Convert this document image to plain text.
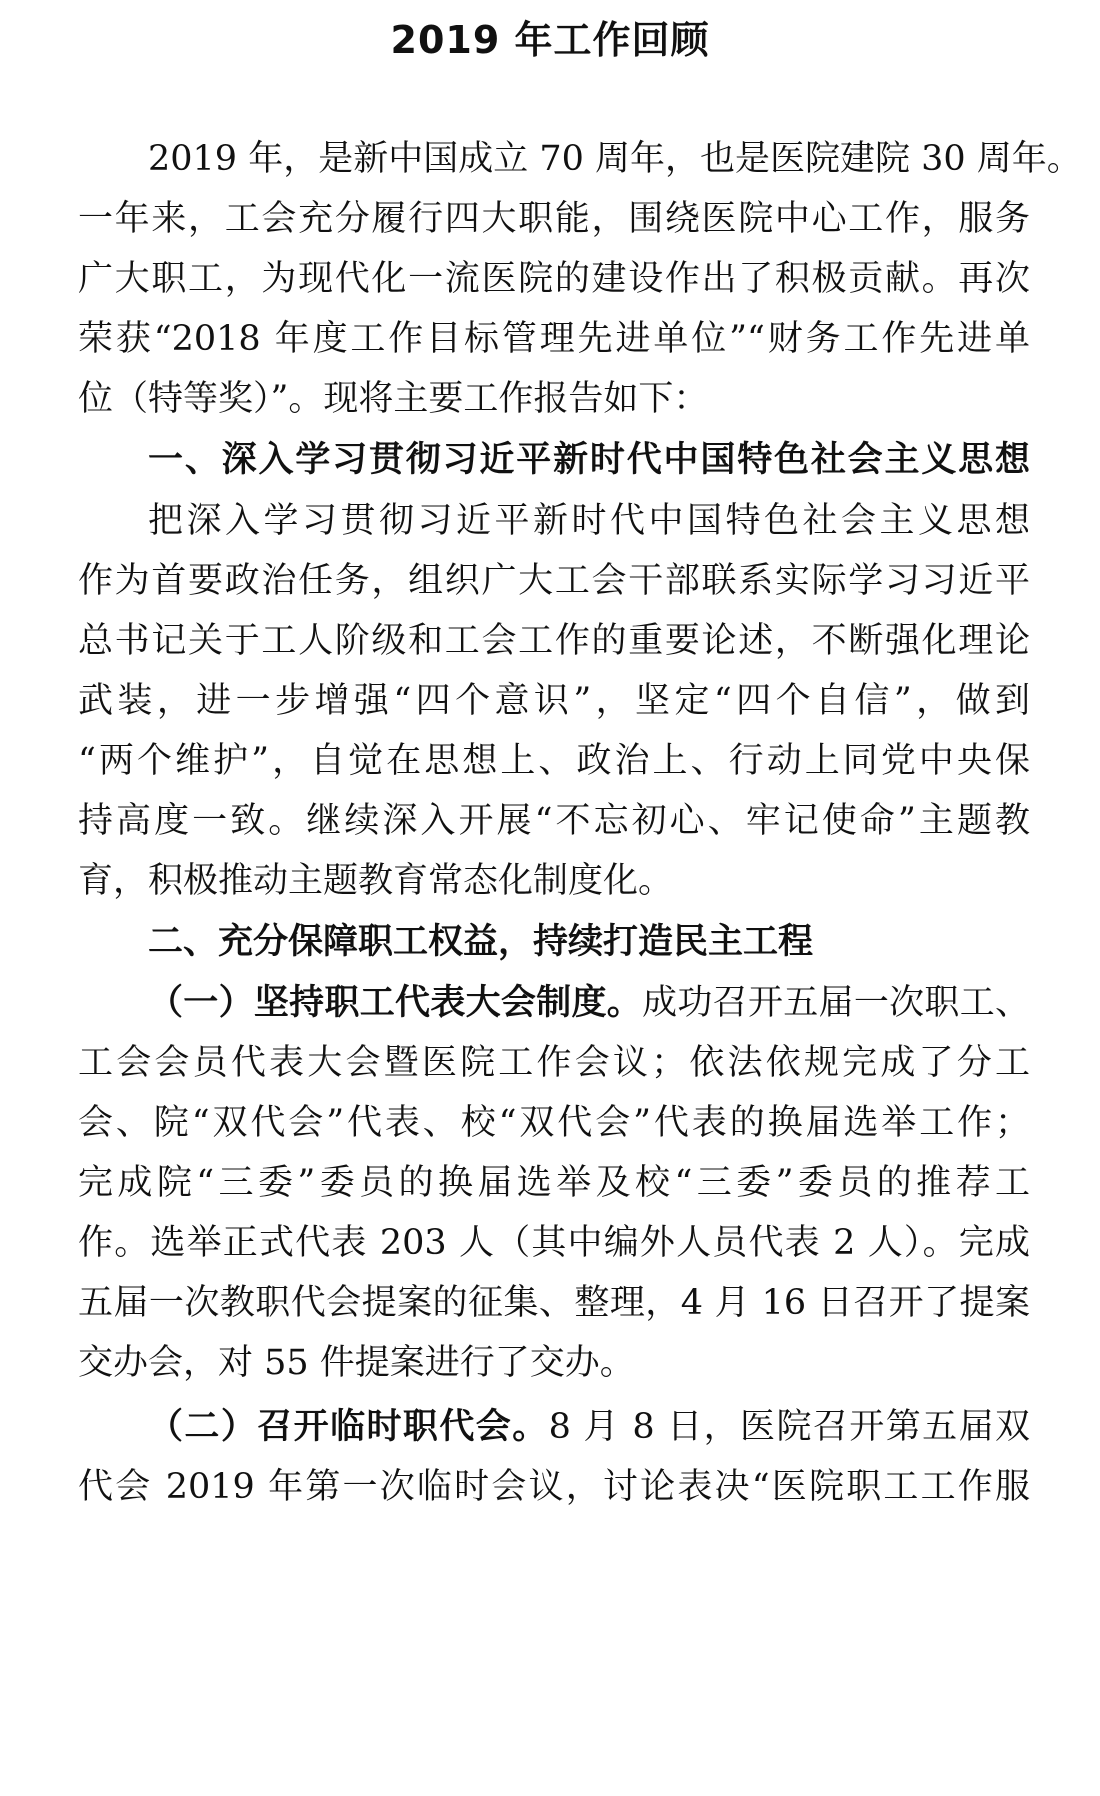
2019 年工作回顾
2019 年，是新中国成立 70 周年，也是医院建院 30 周年。
一年来，工会充分履行四大职能，围绕医院中心工作，服务
广大职工，为现代化一流医院的建设作出了积极贡献。再次
荣获“2018 年度工作目标管理先进单位”“财务工作先进单
位（特等奖）”。现将主要工作报告如下：
一、深入学习贯彻习近平新时代中国特色社会主义思想
把深入学习贯彻习近平新时代中国特色社会主义思想
作为首要政治任务，组织广大工会干部联系实际学习习近平
总书记关于工人阶级和工会工作的重要论述，不断强化理论
武装，进一步增强“四个意识”，坚定“四个自信”，做到
“两个维护”，自觉在思想上、政治上、行动上同党中央保
持高度一致。继续深入开展“不忘初心、牢记使命”主题教
育，积极推动主题教育常态化制度化。
二、充分保障职工权益，持续打造民主工程
（一）坚持职工代表大会制度。成功召开五届一次职工、
工会会员代表大会暨医院工作会议；依法依规完成了分工
会、院“双代会”代表、校“双代会”代表的换届选举工作；
完成院“三委”委员的换届选举及校“三委”委员的推荐工
作。选举正式代表 203 人（其中编外人员代表 2 人）。完成
五届一次教职代会提案的征集、整理，4 月 16 日召开了提案
交办会，对 55 件提案进行了交办。
（二）召开临时职代会。8 月 8 日，医院召开第五届双
代会 2019 年第一次临时会议，讨论表决“医院职工工作服
